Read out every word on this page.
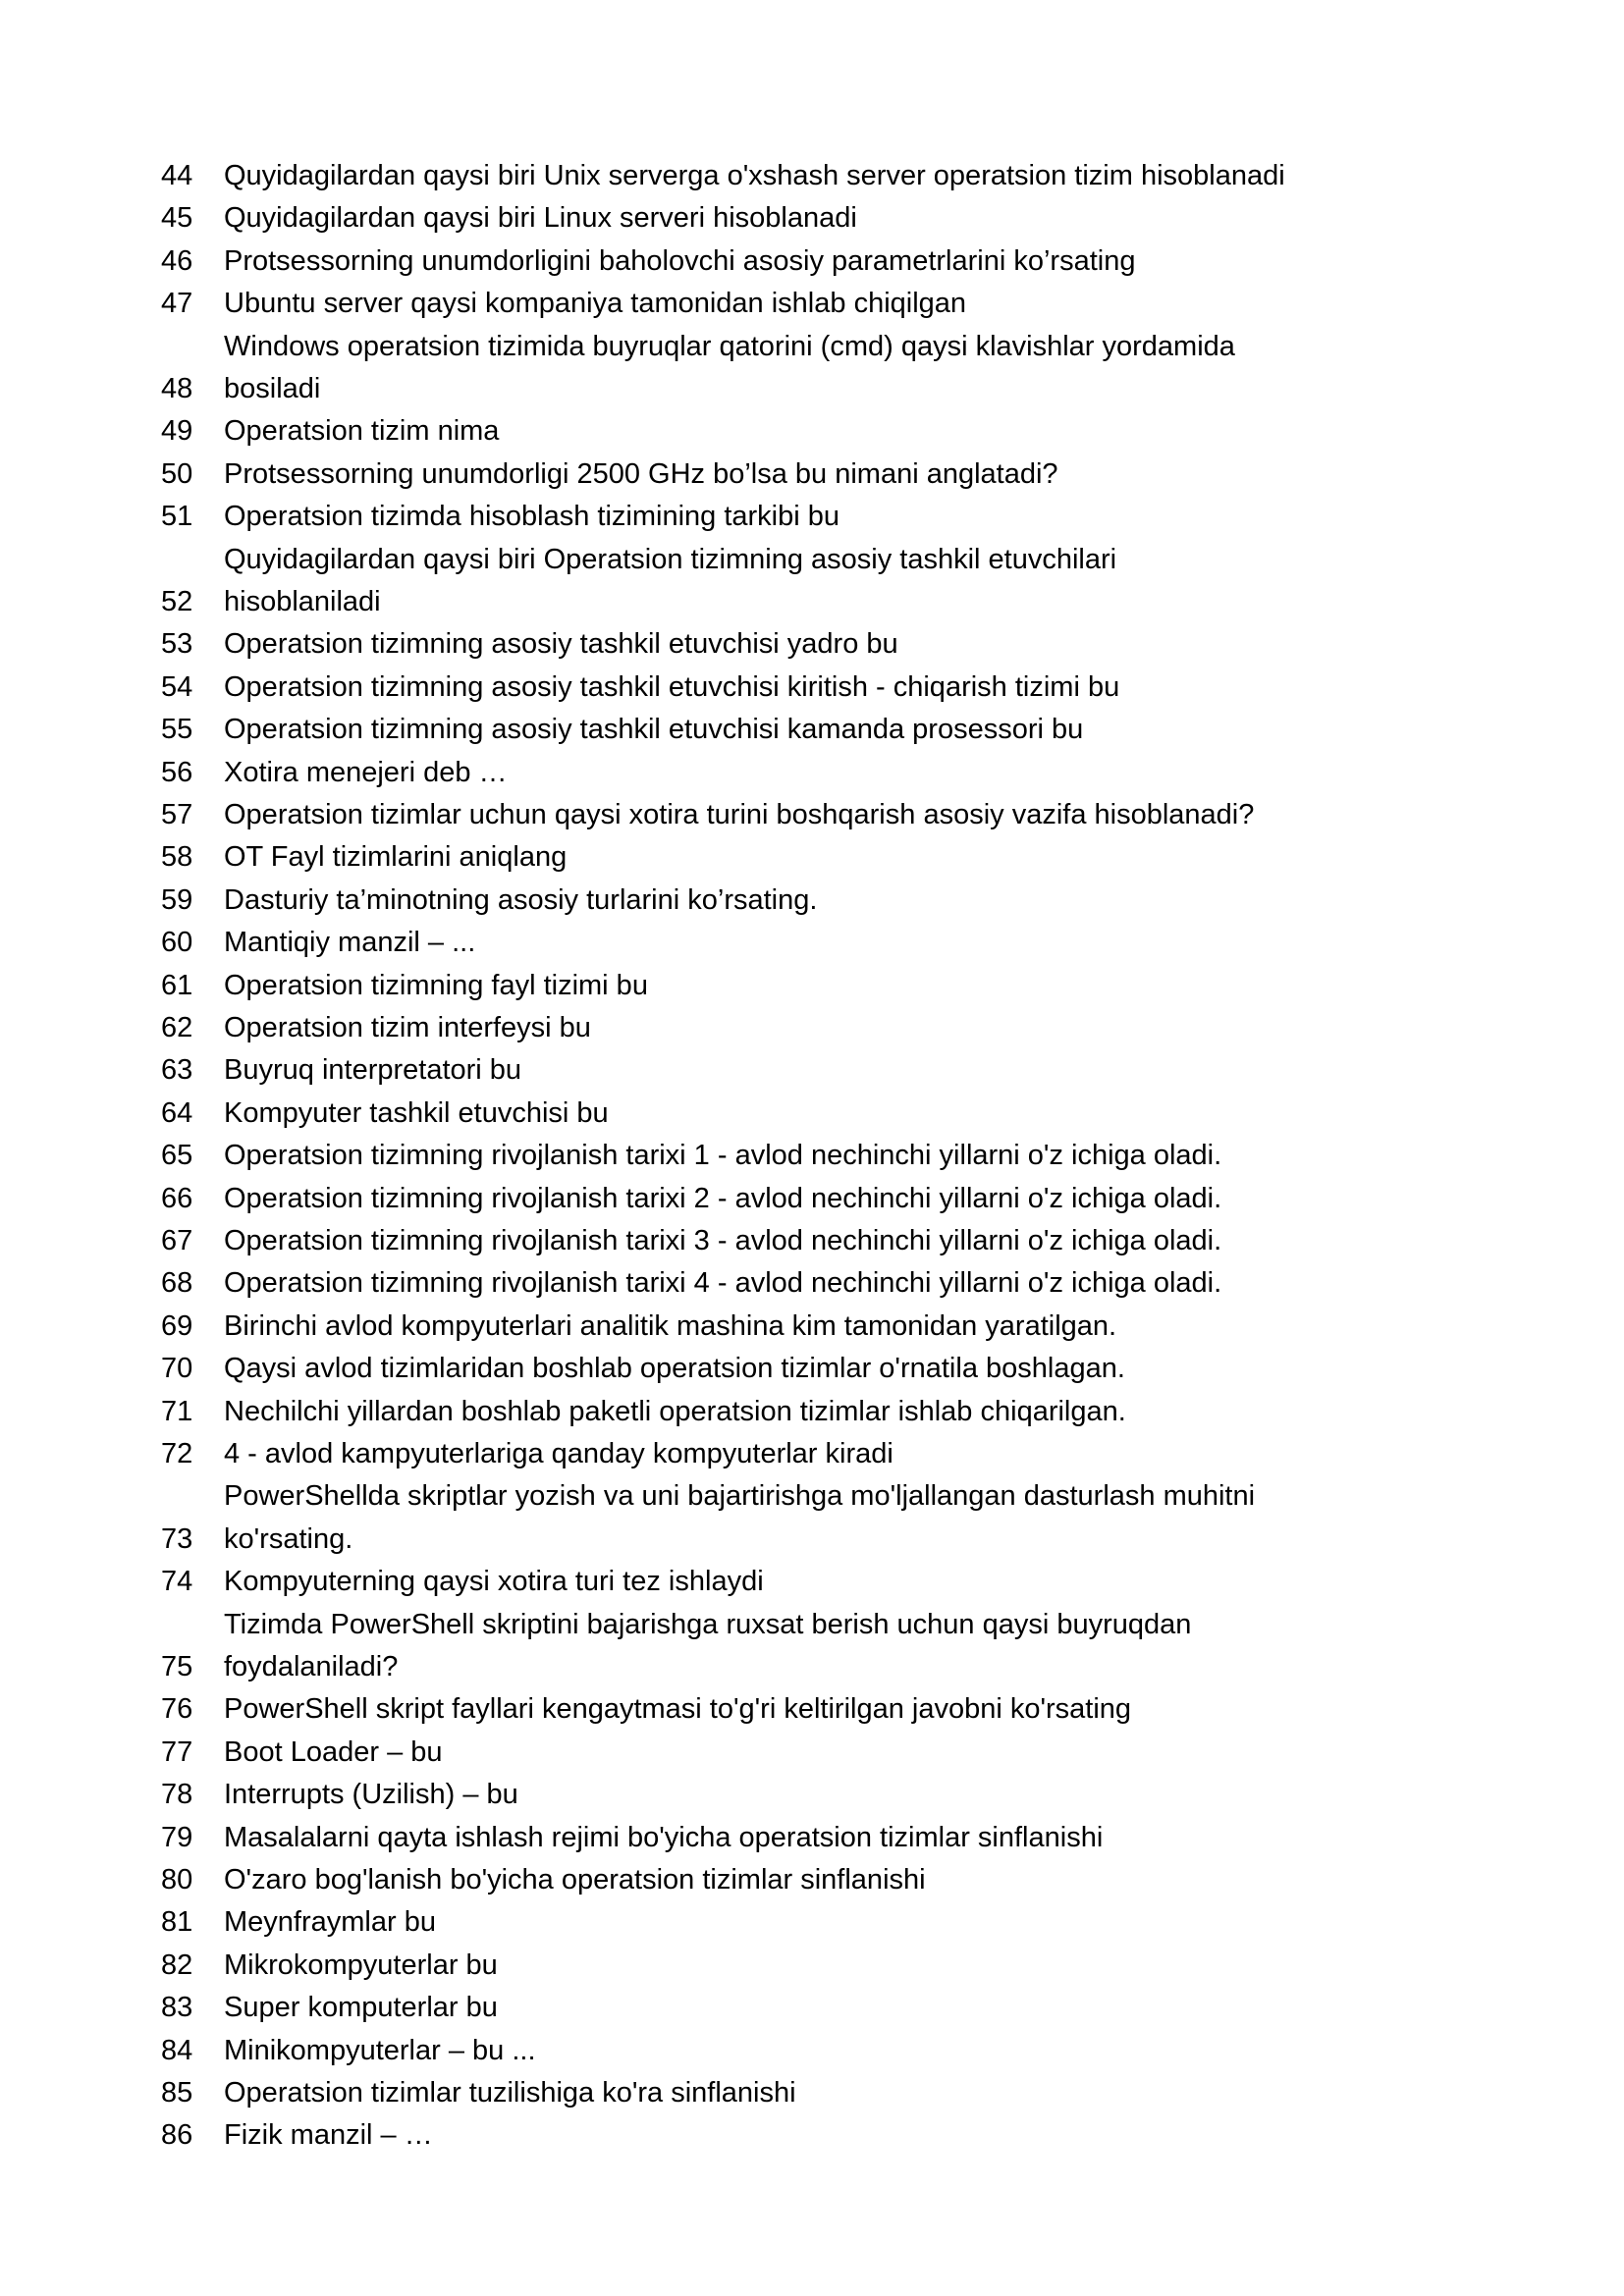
44 Quyidagilardan qaysi biri Unix serverga o'xshash server operatsion tizim hisoblanadi
45 Quyidagilardan qaysi biri Linux serveri hisoblanadi
46 Protsessorning unumdorligini baholovchi asosiy parametrlarini ko’rsating
47 Ubuntu server qaysi kompaniya tamonidan ishlab chiqilgan
48
Windows operatsion tizimida buyruqlar qatorini (cmd) qaysi klavishlar yordamida
bosiladi
49 Operatsion tizim nima
50 Protsessorning unumdorligi 2500 GHz bo’lsa bu nimani anglatadi?
51 Operatsion tizimda hisoblash tizimining tarkibi bu
52
Quyidagilardan qaysi biri Operatsion tizimning asosiy tashkil etuvchilari
hisoblaniladi
53 Operatsion tizimning asosiy tashkil etuvchisi yadro bu
54 Operatsion tizimning asosiy tashkil etuvchisi kiritish - chiqarish tizimi bu
55 Operatsion tizimning asosiy tashkil etuvchisi kamanda prosessori bu
56 Xotira menejeri deb …
57 Operatsion tizimlar uchun qaysi xotira turini boshqarish asosiy vazifa hisoblanadi?
58 OT Fayl tizimlarini aniqlang
59 Dasturiy ta’minotning asosiy turlarini ko’rsating.
60 Mantiqiy manzil – ...
61 Operatsion tizimning fayl tizimi bu
62 Operatsion tizim interfeysi bu
63 Buyruq interpretatori bu
64 Kompyuter tashkil etuvchisi bu
65 Operatsion tizimning rivojlanish tarixi 1 - avlod nechinchi yillarni o'z ichiga oladi.
66 Operatsion tizimning rivojlanish tarixi 2 - avlod nechinchi yillarni o'z ichiga oladi.
67 Operatsion tizimning rivojlanish tarixi 3 - avlod nechinchi yillarni o'z ichiga oladi.
68 Operatsion tizimning rivojlanish tarixi 4 - avlod nechinchi yillarni o'z ichiga oladi.
69 Birinchi avlod kompyuterlari analitik mashina kim tamonidan yaratilgan.
70 Qaysi avlod tizimlaridan boshlab operatsion tizimlar o'rnatila boshlagan.
71 Nechilchi yillardan boshlab paketli operatsion tizimlar ishlab chiqarilgan.
72 4 - avlod kampyuterlariga qanday kompyuterlar kiradi
73
PowerShellda skriptlar yozish va uni bajartirishga mo'ljallangan dasturlash muhitni
ko'rsating.
74 Kompyuterning qaysi xotira turi tez ishlaydi
75
Tizimda PowerShell skriptini bajarishga ruxsat berish uchun qaysi buyruqdan
foydalaniladi?
76 PowerShell skript fayllari kengaytmasi to'g'ri keltirilgan javobni ko'rsating
77 Boot Loader – bu
78 Interrupts (Uzilish) – bu
79 Masalalarni qayta ishlash rejimi bo'yicha operatsion tizimlar sinflanishi
80 O'zaro bog'lanish bo'yicha operatsion tizimlar sinflanishi
81 Meynfraymlar bu
82 Mikrokompyuterlar bu
83 Super komputerlar bu
84 Minikompyuterlar – bu ...
85 Operatsion tizimlar tuzilishiga ko'ra sinflanishi
86 Fizik manzil – …
